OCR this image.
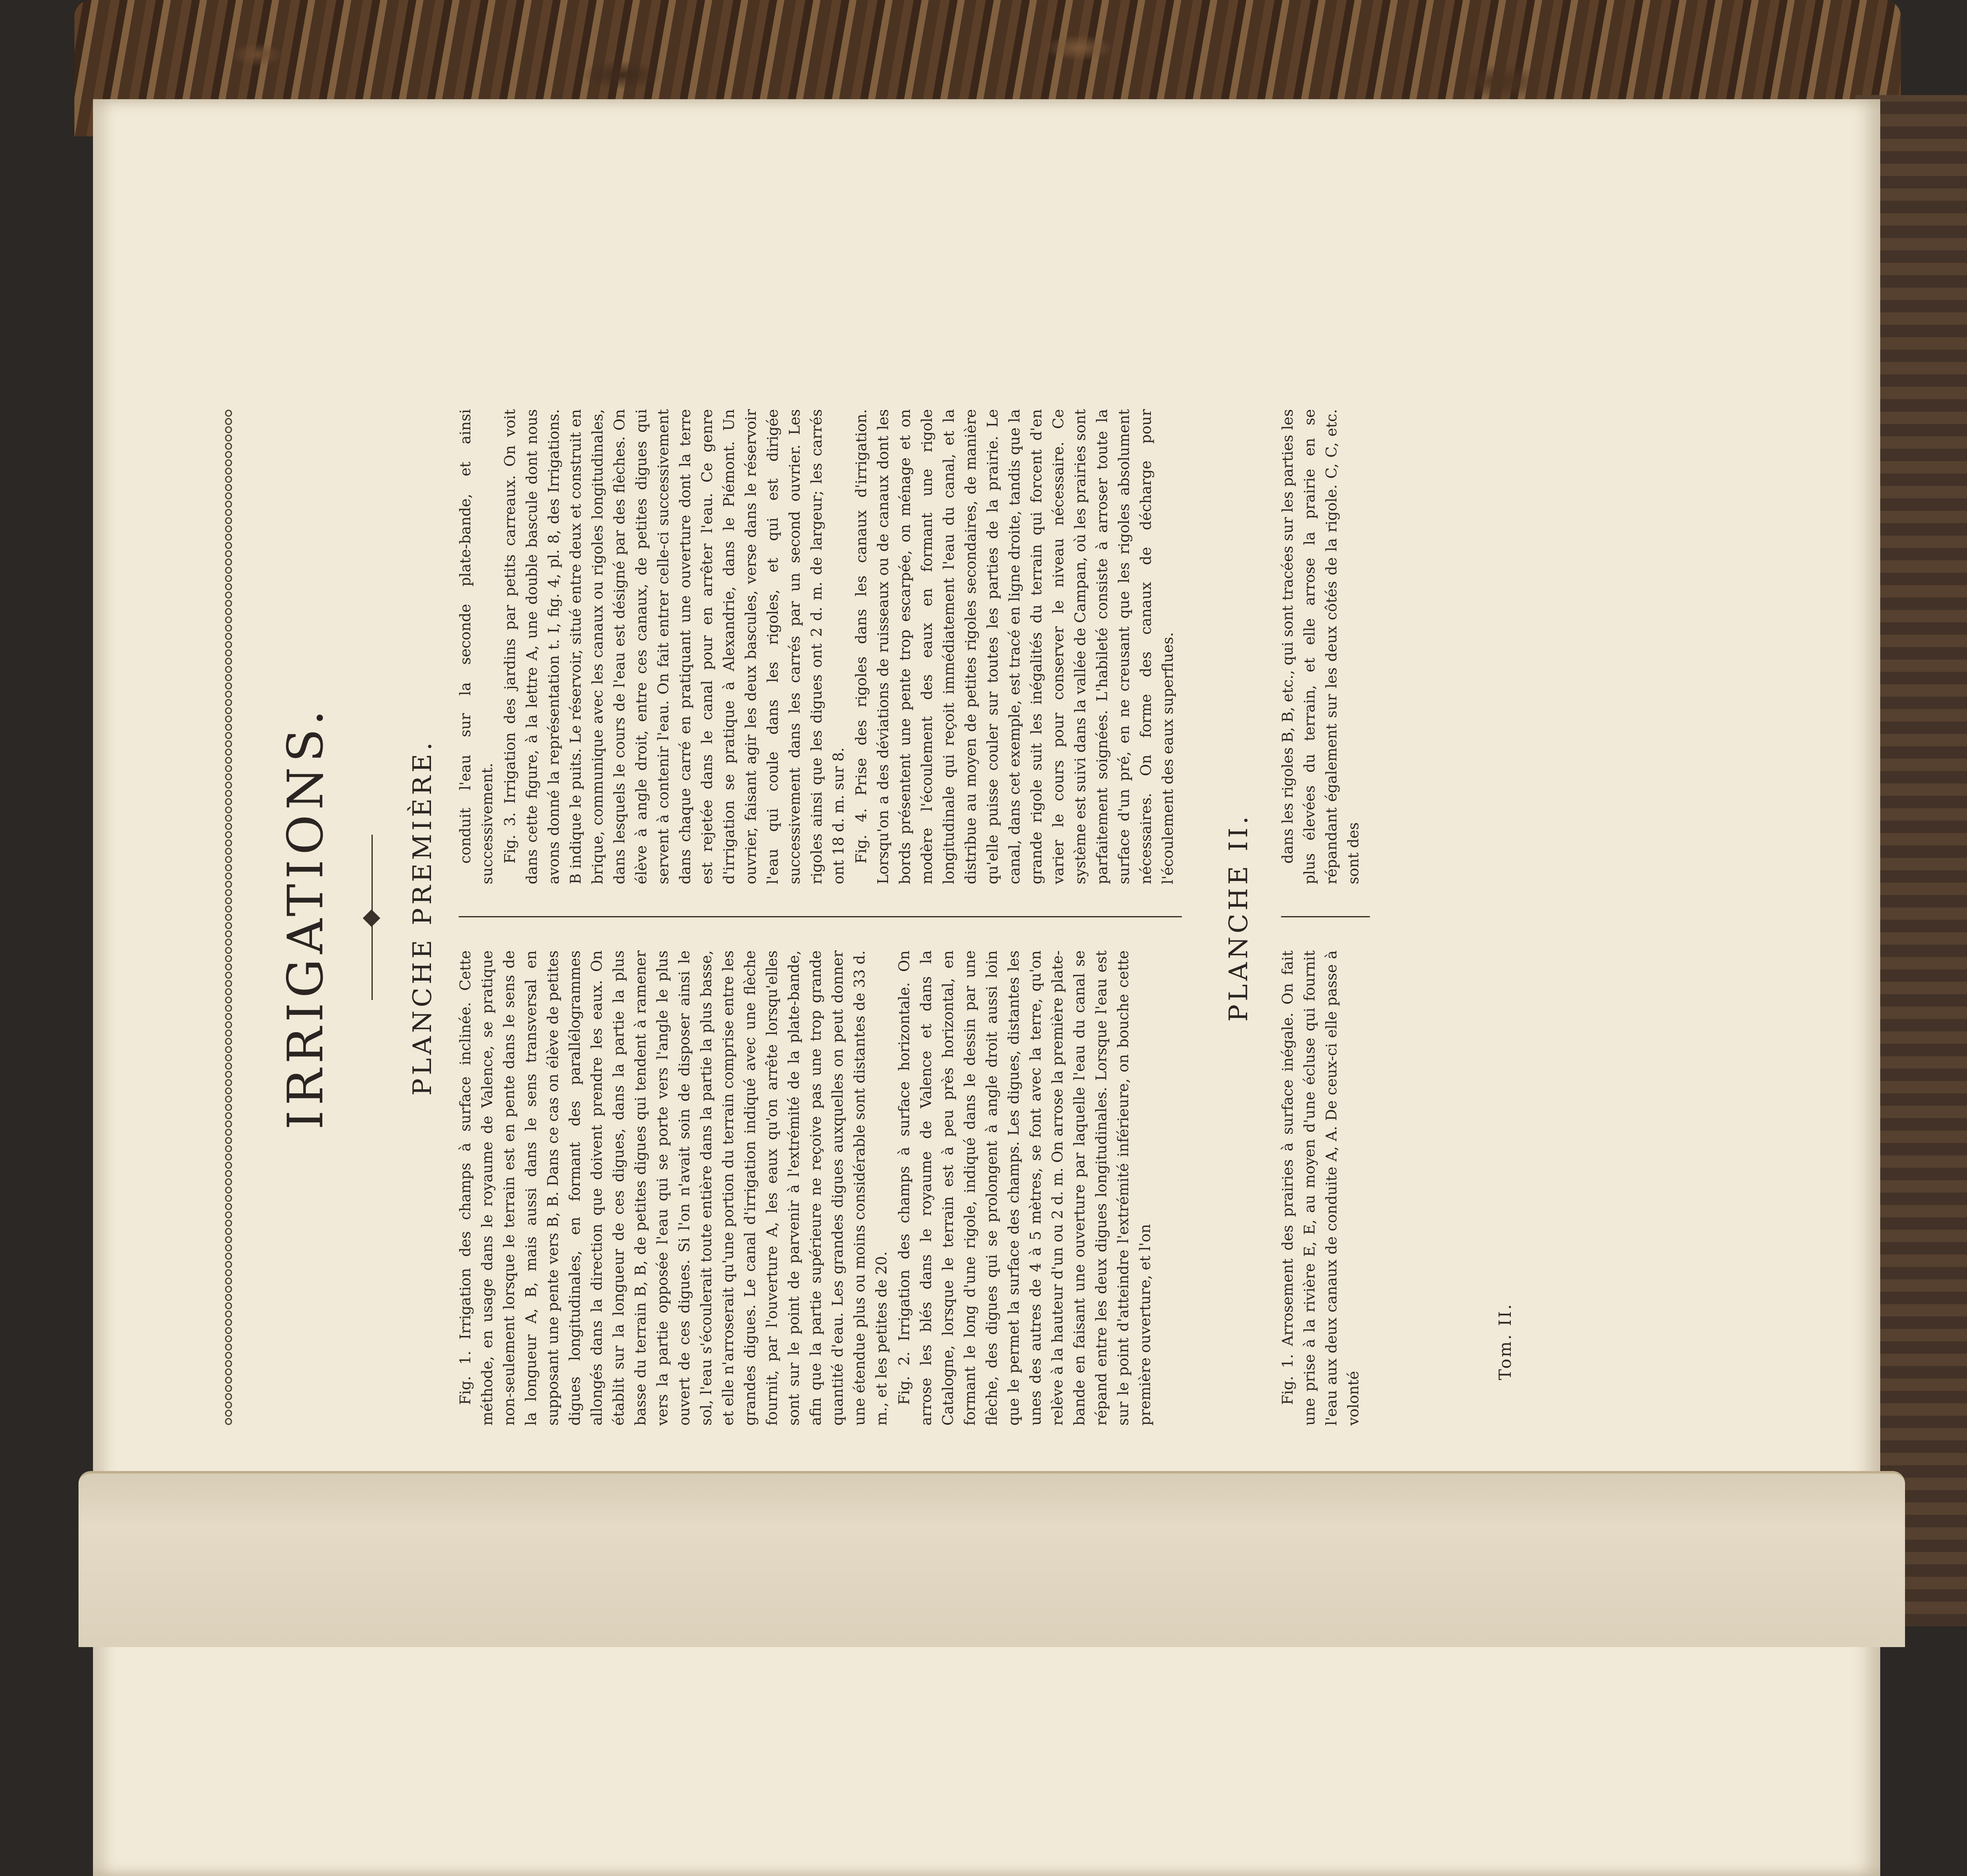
IRRIGATIONS.	PLANCHE PREMIÈRE.

Fig. 1. Irrigation des champs à surface inclinée. Cette méthode, en usage dans le royaume de Valence, se pratique non-seulement lorsque le terrain est en pente dans le sens de la longueur A, B, mais aussi dans le sens transversal en supposant une pente vers B, B. Dans ce cas on élève de petites digues longitudinales, en formant des parallélogrammes allongés dans la direction que doivent prendre les eaux. On établit sur la longueur de ces digues, dans la partie la plus basse du terrain B, B, de petites digues qui tendent à ramener vers la partie opposée l'eau qui se porte vers l'angle le plus ouvert de ces digues. Si l'on n'avait soin de disposer ainsi le sol, l'eau s'écoulerait toute entière dans la partie la plus basse, et elle n'arroserait qu'une portion du terrain comprise entre les grandes digues. Le canal d'irrigation indiqué avec une flèche fournit, par l'ouverture A, les eaux qu'on arrête lorsqu'elles sont sur le point de parvenir à l'extrémité de la plate-bande, afin que la partie supérieure ne reçoive pas une trop grande quantité d'eau. Les grandes digues auxquelles on peut donner une étendue plus ou moins considérable sont distantes de 33 d. m., et les petites de 20. Fig. 2. Irrigation des champs à surface horizontale. On arrose les blés dans le royaume de Valence et dans la Catalogne, lorsque le terrain est à peu près horizontal, en formant le long d'une rigole, indiqué dans le dessin par une flèche, des digues qui se prolongent à angle droit aussi loin que le permet la surface des champs. Les digues, distantes les unes des autres de 4 à 5 mètres, se font avec la terre, qu'on relève à la hauteur d'un ou 2 d. m. On arrose la première plate-bande en faisant une ouverture par laquelle l'eau du canal se répand entre les deux digues longitudinales. Lorsque l'eau est sur le point d'atteindre l'extrémité inférieure, on bouche cette première ouverture, et l'on

conduit l'eau sur la seconde plate-bande, et ainsi successivement. Fig. 3. Irrigation des jardins par petits carreaux. On voit dans cette figure, à la lettre A, une double bascule dont nous avons donné la représentation t. I, fig. 4, pl. 8, des Irrigations. B indique le puits. Le réservoir, situé entre deux et construit en brique, communique avec les canaux ou rigoles longitudinales, dans lesquels le cours de l'eau est désigné par des flèches. On élève à angle droit, entre ces canaux, de petites digues qui servent à contenir l'eau. On fait entrer celle-ci successivement dans chaque carré en pratiquant une ouverture dont la terre est rejetée dans le canal pour en arrêter l'eau. Ce genre d'irrigation se pratique à Alexandrie, dans le Piémont. Un ouvrier, faisant agir les deux bascules, verse dans le réservoir l'eau qui coule dans les rigoles, et qui est dirigée successivement dans les carrés par un second ouvrier. Les rigoles ainsi que les digues ont 2 d. m. de largeur; les carrés ont 18 d. m. sur 8. Fig. 4. Prise des rigoles dans les canaux d'irrigation. Lorsqu'on a des déviations de ruisseaux ou de canaux dont les bords présentent une pente trop escarpée, on ménage et on modère l'écoulement des eaux en formant une rigole longitudinale qui reçoit immédiatement l'eau du canal, et la distribue au moyen de petites rigoles secondaires, de manière qu'elle puisse couler sur toutes les parties de la prairie. Le canal, dans cet exemple, est tracé en ligne droite, tandis que la grande rigole suit les inégalités du terrain qui forcent d'en varier le cours pour conserver le niveau nécessaire. Ce système est suivi dans la vallée de Campan, où les prairies sont parfaitement soignées. L'habileté consiste à arroser toute la surface d'un pré, en ne creusant que les rigoles absolument nécessaires. On forme des canaux de décharge pour l'écoulement des eaux superflues.

PLANCHE II.

Fig. 1. Arrosement des prairies à surface inégale. On fait une prise à la rivière E, E, au moyen d'une écluse qui fournit l'eau aux deux canaux de conduite A, A. De ceux-ci elle passe à volonté

dans les rigoles B, B, etc., qui sont tracées sur les parties les plus élevées du terrain, et elle arrose la prairie en se répandant également sur les deux côtés de la rigole. C, C, etc. sont des

Tom. II.
